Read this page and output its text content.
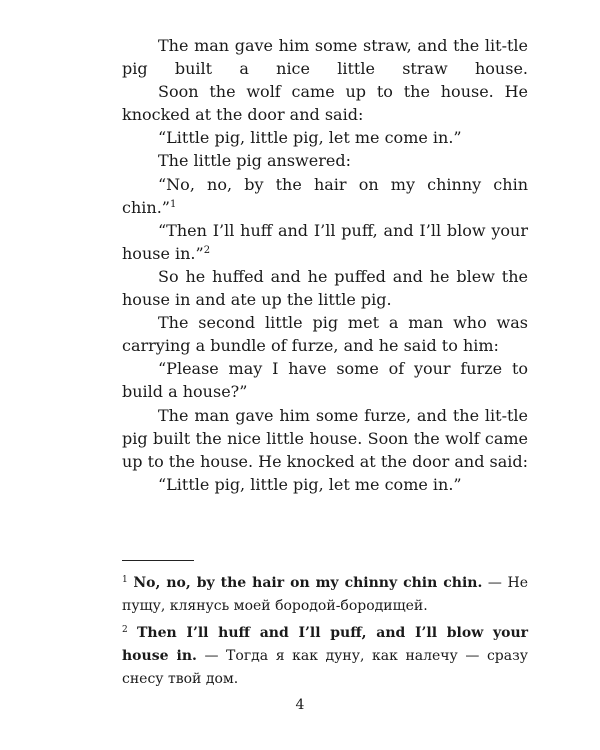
The man gave him some straw, and the lit-tle pig built a nice little straw house.

Soon the wolf came up to the house. He knocked at the door and said:

“Little pig, little pig, let me come in.”

The little pig answered:

“No, no, by the hair on my chinny chin chin.”$^1$

“Then I’ll huff and I’ll puff, and I’ll blow your house in.”$^2$

So he huffed and he puffed and he blew the house in and ate up the little pig.

The second little pig met a man who was carrying a bundle of furze, and he said to him:

“Please may I have some of your furze to build a house?”

The man gave him some furze, and the lit-tle pig built the nice little house. Soon the wolf came up to the house. He knocked at the door and said:

“Little pig, little pig, let me come in.”

$^1$ No, no, by the hair on my chinny chin chin. — Не пущу, клянусь моей бородой-бородищей.
$^2$ Then I’ll huff and I’ll puff, and I’ll blow your house in. — Тогда я как дуну, как налечу — сразу снесу твой дом.
4
